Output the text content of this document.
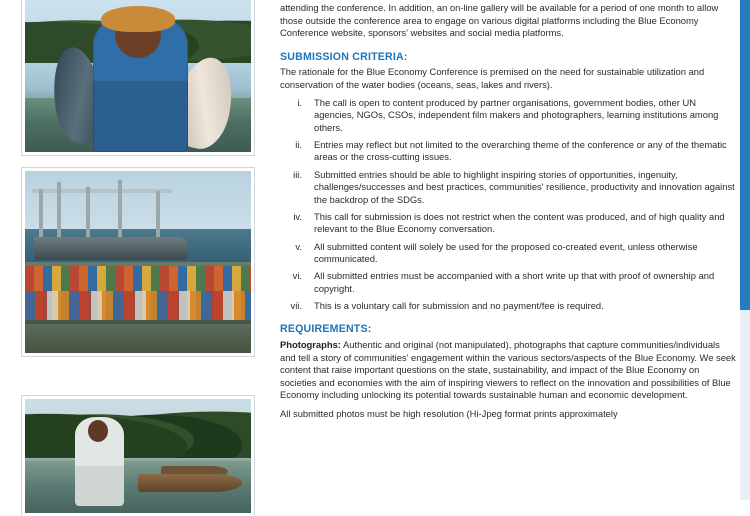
attending the conference. In addition, an on-line gallery will be available for a period of one month to allow those outside the conference area to engage on various digital platforms including the Blue Economy Conference website, sponsors' websites and social media platforms.

SUBMISSION CRITERIA:

The rationale for the Blue Economy Conference is premised on the need for sustainable utilization and conservation of the water bodies (oceans, seas, lakes and rivers).

i.	The call is open to content produced by partner organisations, government bodies, other UN agencies, NGOs, CSOs, independent film makers and photographers, learning institutions among others.
ii.	Entries may reflect but not limited to the overarching theme of the conference or any of the thematic areas or the cross-cutting issues.
iii.	Submitted entries should be able to highlight inspiring stories of opportunities, ingenuity, challenges/successes and best practices, communities' resilience, productivity and innovation against the backdrop of the SDGs.
iv.	This call for submission is does not restrict when the content was produced, and of high quality and relevant to the Blue Economy conversation.
v.	All submitted content will solely be used for the proposed co-created event, unless otherwise communicated.
vi.	All submitted entries must be accompanied with a short write up that with proof of ownership and copyright.
vii.	This is a voluntary call for submission and no payment/fee is required.
REQUIREMENTS:

Photographs: Authentic and original (not manipulated), photographs that capture communities/individuals and tell a story of communities' engagement within the various sectors/aspects of the Blue Economy. We seek content that raise important questions on the state, sustainability, and impact of the Blue Economy on societies and economies with the aim of inspiring viewers to reflect on the innovation and possibilities of Blue Economy including unlocking its potential towards sustainable human and economic development.

All submitted photos must be high resolution (Hi-Jpeg format prints approximately
